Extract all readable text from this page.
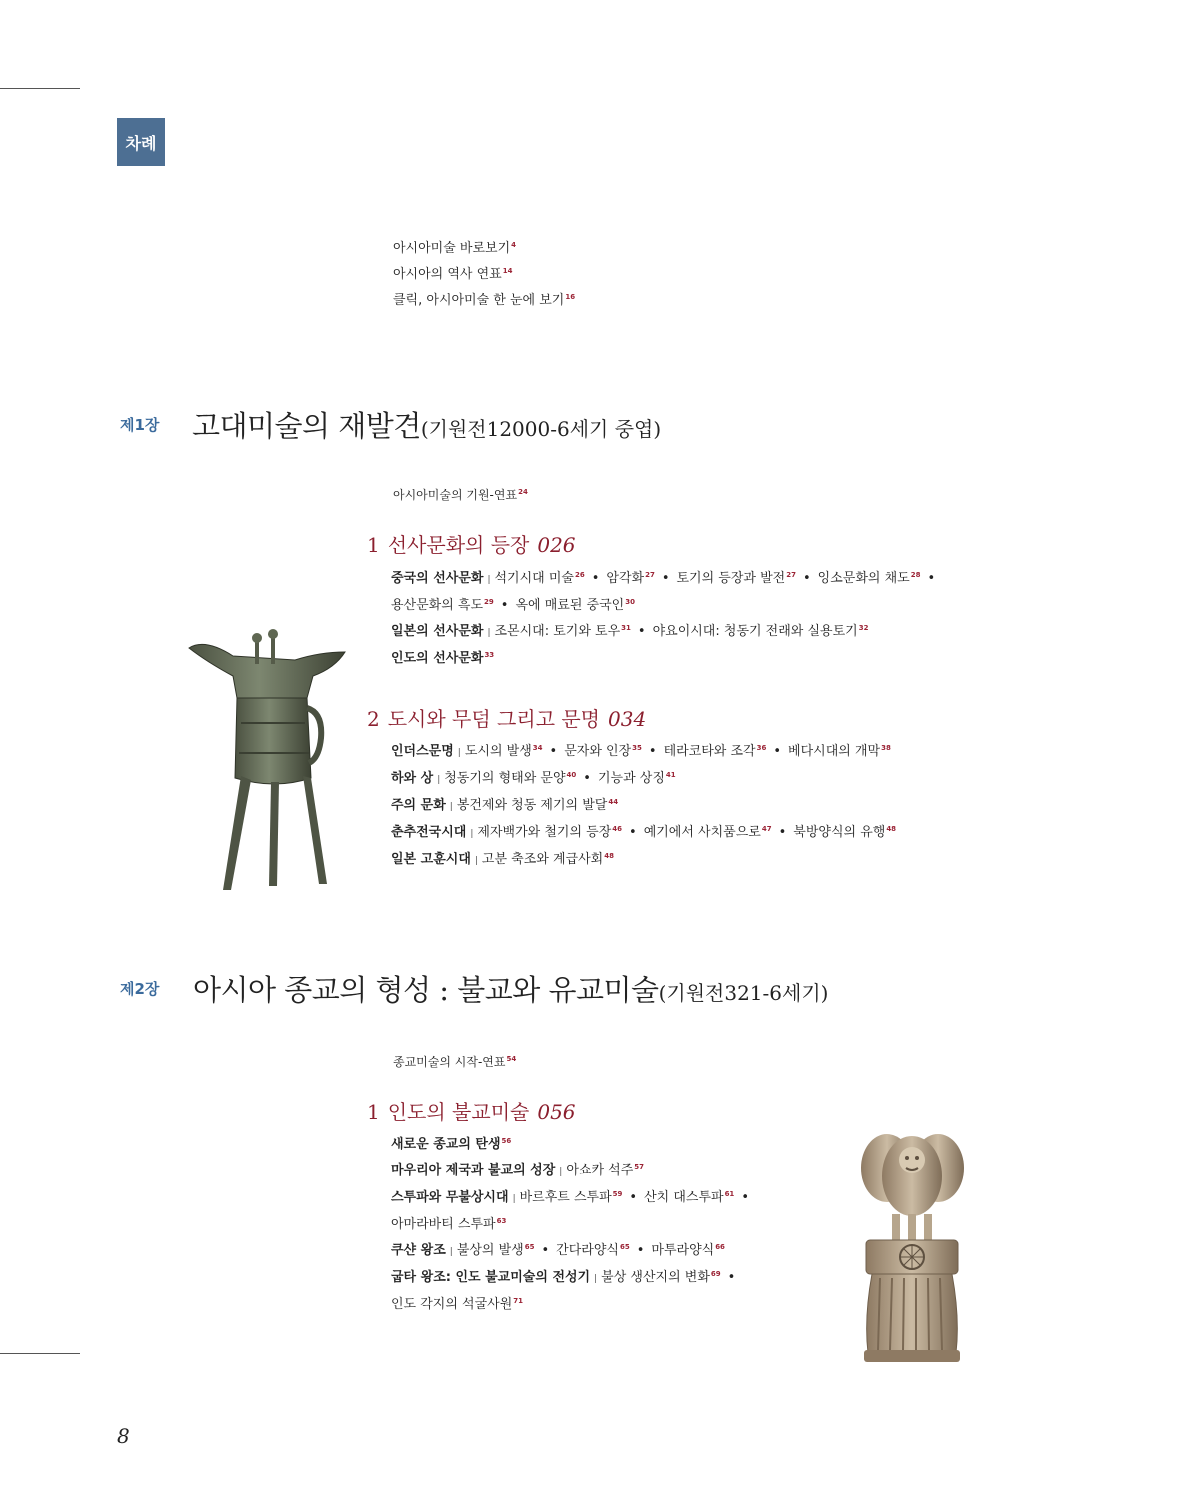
차례
아시아미술 바로보기$^4$
아시아의 역사 연표$^{14}$
클릭, 아시아미술 한 눈에 보기$^{16}$
제1장 고대미술의 재발견(기원전12000-6세기 중엽)
아시아미술의 기원-연표$^{24}$
1 선사문화의 등장 026
중국의 선사문화 | 석기시대 미술$^{26}$ • 암각화$^{27}$ • 토기의 등장과 발전$^{27}$ • 잉소문화의 채도$^{28}$ •
용산문화의 흑도$^{29}$ • 옥에 매료된 중국인$^{30}$
일본의 선사문화 | 조몬시대: 토기와 토우$^{31}$ • 야요이시대: 청동기 전래와 실용토기$^{32}$
인도의 선사문화$^{33}$
2 도시와 무덤 그리고 문명 034
인더스문명 | 도시의 발생$^{34}$ • 문자와 인장$^{35}$ • 테라코타와 조각$^{36}$ • 베다시대의 개막$^{38}$
하와 상 | 청동기의 형태와 문양$^{40}$ • 기능과 상징$^{41}$
주의 문화 | 봉건제와 청동 제기의 발달$^{44}$
춘추전국시대 | 제자백가와 철기의 등장$^{46}$ • 예기에서 사치품으로$^{47}$ • 북방양식의 유행$^{48}$
일본 고훈시대 | 고분 축조와 계급사회$^{48}$
제2장 아시아 종교의 형성 : 불교와 유교미술(기원전321-6세기)
종교미술의 시작-연표$^{54}$
1 인도의 불교미술 056
새로운 종교의 탄생$^{56}$
마우리아 제국과 불교의 성장 | 아쇼카 석주$^{57}$
스투파와 무불상시대 | 바르후트 스투파$^{59}$ • 산치 대스투파$^{61}$ •
아마라바티 스투파$^{63}$
쿠샨 왕조 | 불상의 발생$^{65}$ • 간다라양식$^{65}$ • 마투라양식$^{66}$
굽타 왕조: 인도 불교미술의 전성기 | 불상 생산지의 변화$^{69}$ •
인도 각지의 석굴사원$^{71}$
8
